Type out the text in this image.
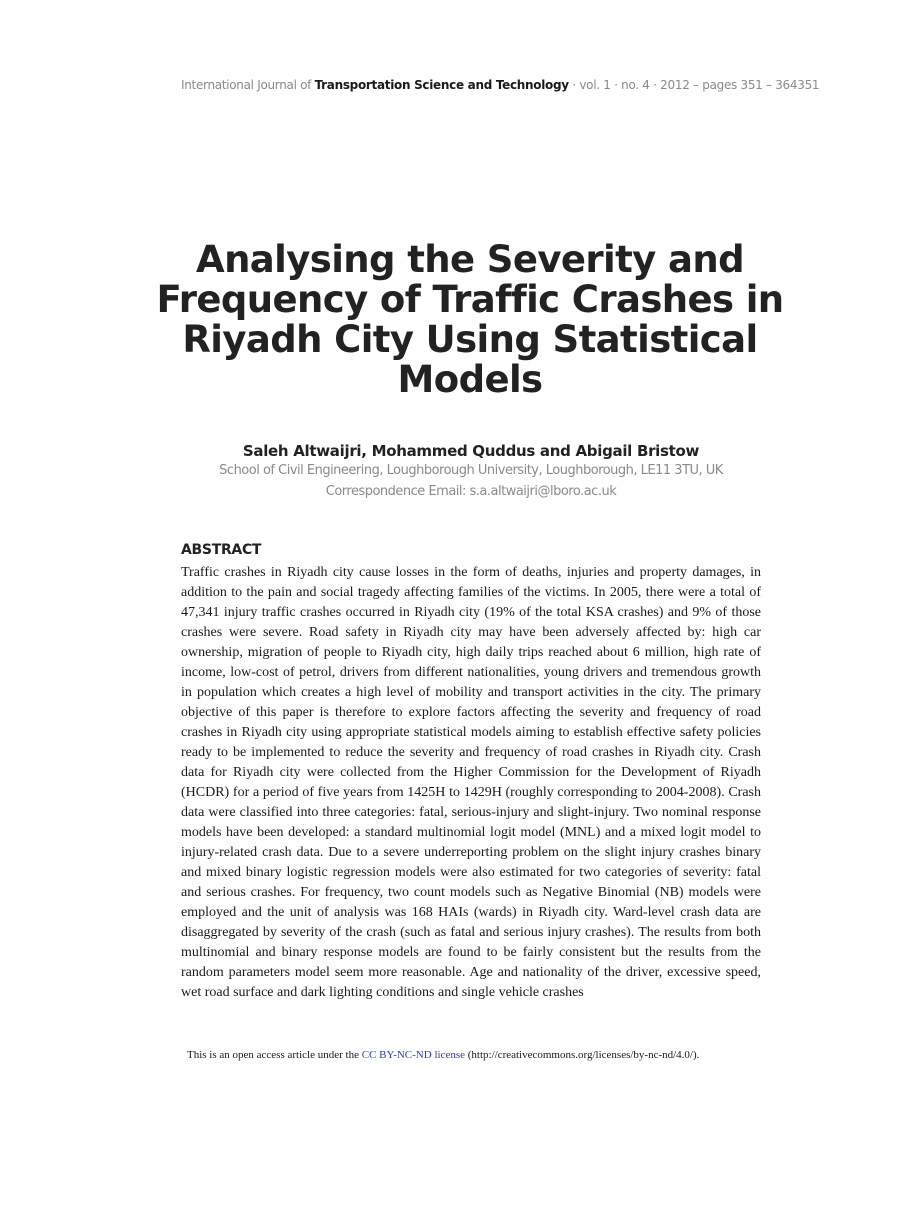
International Journal of Transportation Science and Technology · vol. 1 · no. 4 · 2012 – pages 351 – 364 351
Analysing the Severity and Frequency of Traffic Crashes in Riyadh City Using Statistical Models
Saleh Altwaijri, Mohammed Quddus and Abigail Bristow
School of Civil Engineering, Loughborough University, Loughborough, LE11 3TU, UK
Correspondence Email: s.a.altwaijri@lboro.ac.uk
ABSTRACT

Traffic crashes in Riyadh city cause losses in the form of deaths, injuries and property damages, in addition to the pain and social tragedy affecting families of the victims. In 2005, there were a total of 47,341 injury traffic crashes occurred in Riyadh city (19% of the total KSA crashes) and 9% of those crashes were severe. Road safety in Riyadh city may have been adversely affected by: high car ownership, migration of people to Riyadh city, high daily trips reached about 6 million, high rate of income, low-cost of petrol, drivers from different nationalities, young drivers and tremendous growth in population which creates a high level of mobility and transport activities in the city. The primary objective of this paper is therefore to explore factors affecting the severity and frequency of road crashes in Riyadh city using appropriate statistical models aiming to establish effective safety policies ready to be implemented to reduce the severity and frequency of road crashes in Riyadh city. Crash data for Riyadh city were collected from the Higher Commission for the Development of Riyadh (HCDR) for a period of five years from 1425H to 1429H (roughly corresponding to 2004-2008). Crash data were classified into three categories: fatal, serious-injury and slight-injury. Two nominal response models have been developed: a standard multinomial logit model (MNL) and a mixed logit model to injury-related crash data. Due to a severe underreporting problem on the slight injury crashes binary and mixed binary logistic regression models were also estimated for two categories of severity: fatal and serious crashes. For frequency, two count models such as Negative Binomial (NB) models were employed and the unit of analysis was 168 HAIs (wards) in Riyadh city. Ward-level crash data are disaggregated by severity of the crash (such as fatal and serious injury crashes). The results from both multinomial and binary response models are found to be fairly consistent but the results from the random parameters model seem more reasonable. Age and nationality of the driver, excessive speed, wet road surface and dark lighting conditions and single vehicle crashes

This is an open access article under the CC BY-NC-ND license (http://creativecommons.org/licenses/by-nc-nd/4.0/).
